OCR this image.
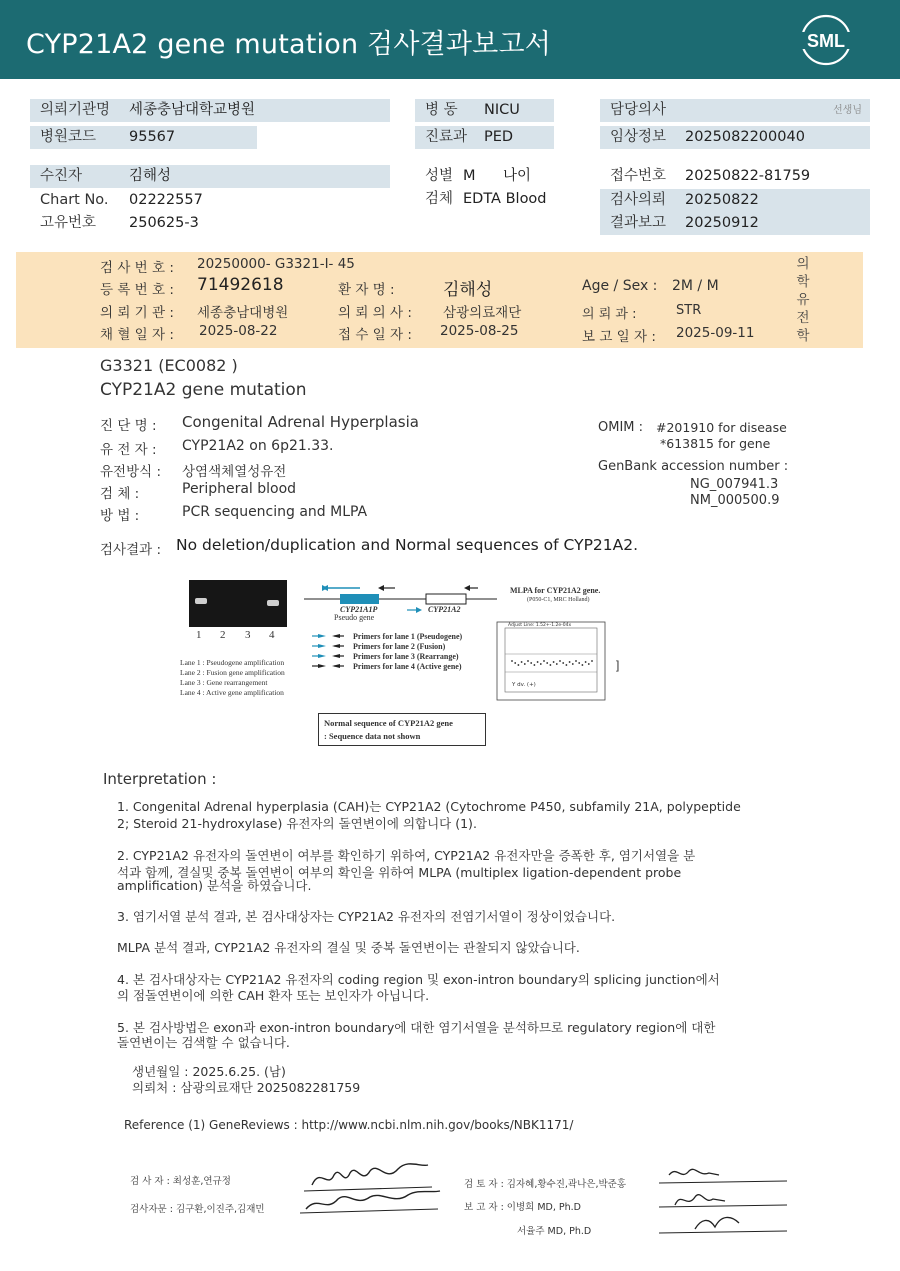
CYP21A2 gene mutation 검사결과보고서	SML
의뢰기관명 세종충남대학교병원
병원코드 95567
병 동 NICU
진료과 PED
담당의사	선생님
임상정보 2025082200040
수진자	김해성
Chart No. 02222557
고유번호 250625-3
성별 M 나이
검체 EDTA Blood
접수번호 20250822-81759
검사의뢰 20250822
결과보고 20250912
검 사 번 호 : 20250000- G3321-I- 45
등 록 번 호 : 71492618	환 자 명 :	김해성	Age / Sex : 2M / M
의 뢰 기 관 : 세종충남대병원	의 뢰 의 사 : 삼광의료재단	의 뢰 과 :	STR
채 혈 일 자 : 2025-08-22	접 수 일 자 : 2025-08-25	보 고 일 자 : 2025-09-11
의학유전학
G3321 (EC0082 )
CYP21A2 gene mutation
진 단 명 : Congenital Adrenal Hyperplasia
유 전 자 : CYP21A2 on 6p21.33.
유전방식 : 상염색체열성유전
검 체 :	Peripheral blood
방 법 :	PCR sequencing and MLPA
OMIM : #201910 for disease
*613815 for gene
GenBank accession number :
NG_007941.3
NM_000500.9
검사결과 : No deletion/duplication and Normal sequences of CYP21A2.
1 2 3 4
Lane 1 : Pseudogene amplification
Lane 2 : Fusion gene amplification
Lane 3 : Gene rearrangement
Lane 4 : Active gene amplification
]
CYP21A1P
Pseudo gene
CYP21A2
Primers for lane 1 (Pseudogene)
Primers for lane 2 (Fusion)
Primers for lane 3 (Rearrange)
Primers for lane 4 (Active gene)
MLPA for CYP21A2 gene.
(P050-C1, MRC Holland)
Adjust Line: 1.52+-1.2e-04x
Y dv. (+)
Normal sequence of CYP21A2 gene
: Sequence data not shown
Interpretation :
1. Congenital Adrenal hyperplasia (CAH)는 CYP21A2 (Cytochrome P450, subfamily 21A, polypeptide
2; Steroid 21-hydroxylase) 유전자의 돌연변이에 의합니다 (1).
2. CYP21A2 유전자의 돌연변이 여부를 확인하기 위하여, CYP21A2 유전자만을 증폭한 후, 염기서열을 분
석과 함께, 결실및 중복 돌연변이 여부의 확인을 위하여 MLPA (multiplex ligation-dependent probe
amplification) 분석을 하였습니다.
3. 염기서열 분석 결과, 본 검사대상자는 CYP21A2 유전자의 전염기서열이 정상이었습니다.
MLPA 분석 결과, CYP21A2 유전자의 결실 및 중복 돌연변이는 관찰되지 않았습니다.
4. 본 검사대상자는 CYP21A2 유전자의 coding region 및 exon-intron boundary의 splicing junction에서
의 점돌연변이에 의한 CAH 환자 또는 보인자가 아닙니다.
5. 본 검사방법은 exon과 exon-intron boundary에 대한 염기서열을 분석하므로 regulatory region에 대한
돌연변이는 검색할 수 없습니다.
생년월일 : 2025.6.25. (남)
의뢰처 : 삼광의료재단 2025082281759
Reference (1) GeneReviews : http://www.ncbi.nlm.nih.gov/books/NBK1171/
검 사 자 : 최성훈,연규정
검사자문 : 김구환,이진주,김재민
검 토 자 : 김자혜,황수진,곽나은,박준홍
보 고 자 : 이병희 MD, Ph.D
서율주 MD, Ph.D
